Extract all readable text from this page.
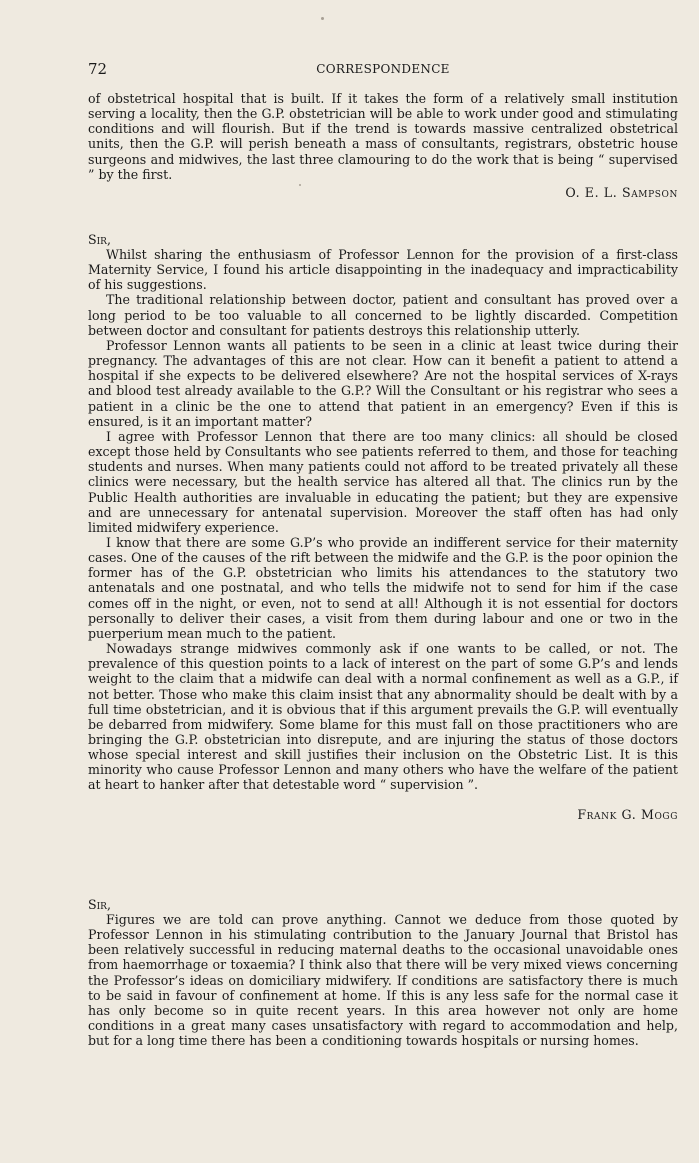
72	CORRESPONDENCE

of obstetrical hospital that is built. If it takes the form of a relatively small institution serving a locality, then the G.P. obstetrician will be able to work under good and stimulating conditions and will flourish. But if the trend is towards massive centralized obstetrical units, then the G.P. will perish beneath a mass of consultants, registrars, obstetric house surgeons and midwives, the last three clamouring to do the work that is being “ supervised ” by the first.

O. E. L. Sampson

Sir,

Whilst sharing the enthusiasm of Professor Lennon for the provision of a first-class Maternity Service, I found his article disappointing in the inadequacy and impracticability of his suggestions.

The traditional relationship between doctor, patient and consultant has proved over a long period to be too valuable to all concerned to be lightly discarded. Competition between doctor and consultant for patients destroys this relationship utterly.

Professor Lennon wants all patients to be seen in a clinic at least twice during their pregnancy. The advantages of this are not clear. How can it benefit a patient to attend a hospital if she expects to be delivered elsewhere? Are not the hospital services of X-rays and blood test already available to the G.P.? Will the Consultant or his registrar who sees a patient in a clinic be the one to attend that patient in an emergency? Even if this is ensured, is it an important matter?

I agree with Professor Lennon that there are too many clinics: all should be closed except those held by Consultants who see patients referred to them, and those for teaching students and nurses. When many patients could not afford to be treated privately all these clinics were necessary, but the health service has altered all that. The clinics run by the Public Health authorities are invaluable in educating the patient; but they are expensive and are unnecessary for antenatal supervision. Moreover the staff often has had only limited midwifery experience.

I know that there are some G.P’s who provide an indifferent service for their maternity cases. One of the causes of the rift between the midwife and the G.P. is the poor opinion the former has of the G.P. obstetrician who limits his attendances to the statutory two antenatals and one postnatal, and who tells the midwife not to send for him if the case comes off in the night, or even, not to send at all! Although it is not essential for doctors personally to deliver their cases, a visit from them during labour and one or two in the puerperium mean much to the patient.

Nowadays strange midwives commonly ask if one wants to be called, or not. The prevalence of this question points to a lack of interest on the part of some G.P’s and lends weight to the claim that a midwife can deal with a normal confinement as well as a G.P., if not better. Those who make this claim insist that any abnormality should be dealt with by a full time obstetrician, and it is obvious that if this argument prevails the G.P. will eventually be debarred from midwifery. Some blame for this must fall on those practitioners who are bringing the G.P. obstetrician into disrepute, and are injuring the status of those doctors whose special interest and skill justifies their inclusion on the Obstetric List. It is this minority who cause Professor Lennon and many others who have the welfare of the patient at heart to hanker after that detestable word “ supervision ”.

Frank G. Mogg

Sir,

Figures we are told can prove anything. Cannot we deduce from those quoted by Professor Lennon in his stimulating contribution to the January Journal that Bristol has been relatively successful in reducing maternal deaths to the occasional unavoidable ones from haemorrhage or toxaemia? I think also that there will be very mixed views concerning the Professor’s ideas on domiciliary midwifery. If conditions are satisfactory there is much to be said in favour of confinement at home. If this is any less safe for the normal case it has only become so in quite recent years. In this area however not only are home conditions in a great many cases unsatisfactory with regard to accommodation and help, but for a long time there has been a conditioning towards hospitals or nursing homes.
